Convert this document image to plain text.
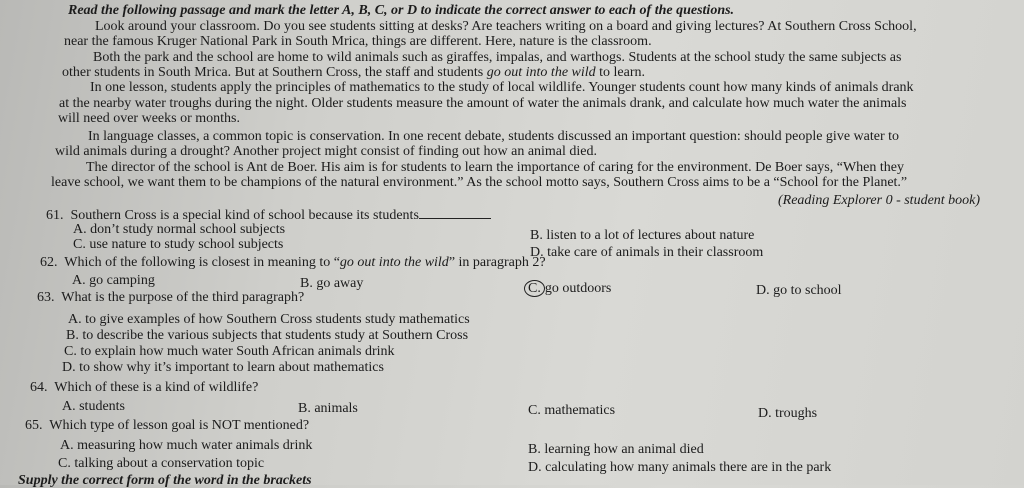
Read the following passage and mark the letter A, B, C, or D to indicate the correct answer to each of the questions.
Look around your classroom. Do you see students sitting at desks? Are teachers writing on a board and giving lectures? At Southern Cross School,
near the famous Kruger National Park in South Mrica, things are different. Here, nature is the classroom.
Both the park and the school are home to wild animals such as giraffes, impalas, and warthogs. Students at the school study the same subjects as
other students in South Mrica. But at Southern Cross, the staff and students go out into the wild to learn.
In one lesson, students apply the principles of mathematics to the study of local wildlife. Younger students count how many kinds of animals drank
at the nearby water troughs during the night. Older students measure the amount of water the animals drank, and calculate how much water the animals
will need over weeks or months.
In language classes, a common topic is conservation. In one recent debate, students discussed an important question: should people give water to
wild animals during a drought? Another project might consist of finding out how an animal died.
The director of the school is Ant de Boer. His aim is for students to learn the importance of caring for the environment. De Boer says, “When they
leave school, we want them to be champions of the natural environment.” As the school motto says, Southern Cross aims to be a “School for the Planet.”
(Reading Explorer 0 - student book)
61. Southern Cross is a special kind of school because its students
A. don’t study normal school subjects	B. listen to a lot of lectures about nature
C. use nature to study school subjects
D. take care of animals in their classroom
62. Which of the following is closest in meaning to “go out into the wild” in paragraph 2?
A. go camping	B. go away	C. go outdoors	D. go to school
63. What is the purpose of the third paragraph?
A. to give examples of how Southern Cross students study mathematics
B. to describe the various subjects that students study at Southern Cross
C. to explain how much water South African animals drink
D. to show why it’s important to learn about mathematics
64. Which of these is a kind of wildlife?
A. students	B. animals	C. mathematics	D. troughs
65. Which type of lesson goal is NOT mentioned?
A. measuring how much water animals drink	B. learning how an animal died
C. talking about a conservation topic	D. calculating how many animals there are in the park
Supply the correct form of the word in the brackets
